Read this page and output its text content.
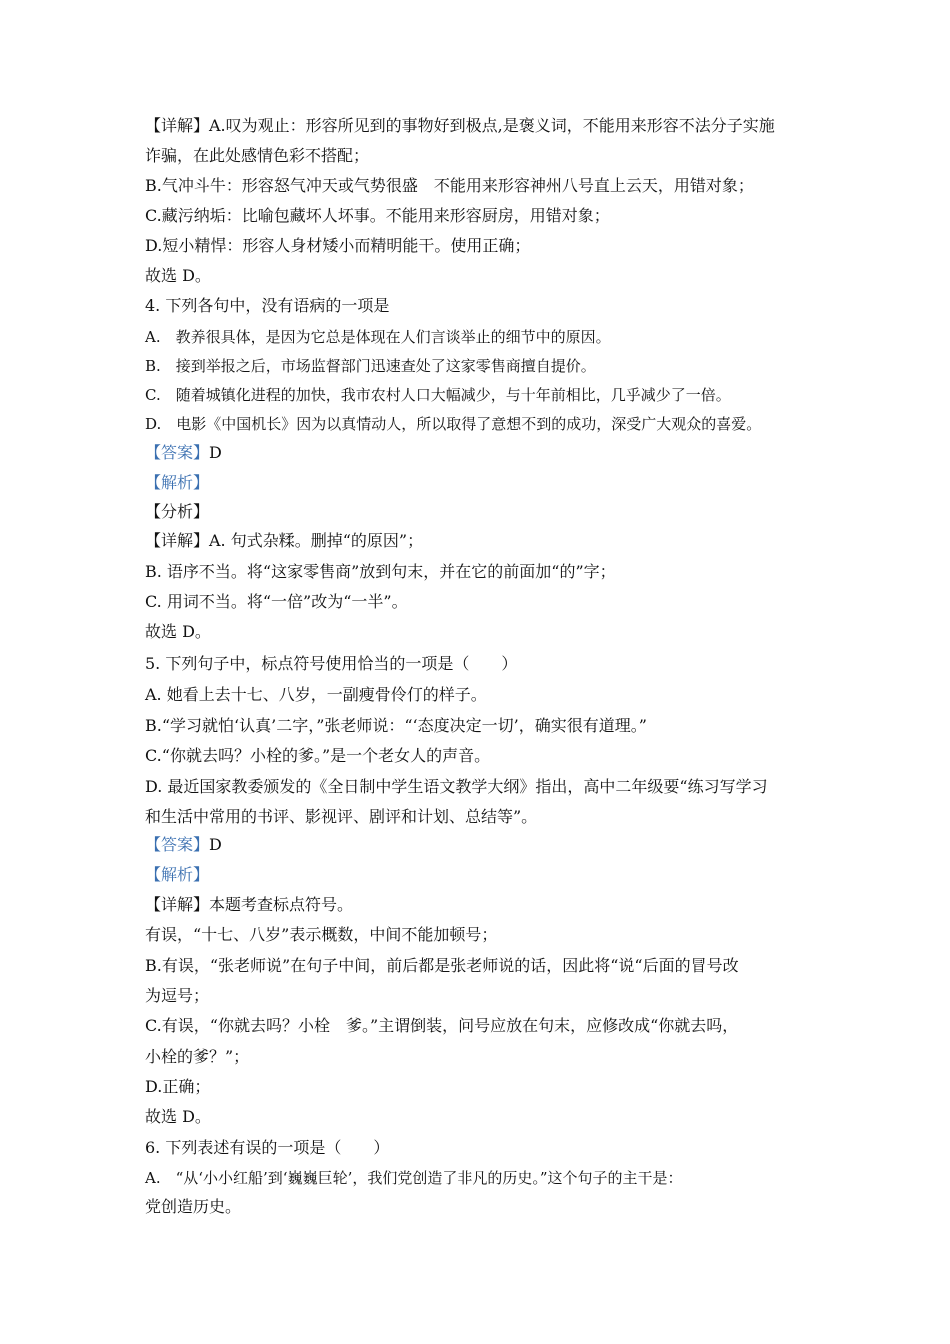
【详解】A.叹为观止：形容所见到的事物好到极点,是褒义词，不能用来形容不法分子实施
诈骗，在此处感情色彩不搭配；
B.气冲斗牛：形容怒气冲天或气势很盛　不能用来形容神州八号直上云天，用错对象；
C.藏污纳垢：比喻包藏坏人坏事。不能用来形容厨房，用错对象；
D.短小精悍：形容人身材矮小而精明能干。使用正确；
故选 D。
4. 下列各句中，没有语病的一项是
A.　教养很具体，是因为它总是体现在人们言谈举止的细节中的原因。
B.　接到举报之后，市场监督部门迅速查处了这家零售商擅自提价。
C.　随着城镇化进程的加快，我市农村人口大幅减少，与十年前相比，几乎减少了一倍。
D.　电影《中国机长》因为以真情动人，所以取得了意想不到的成功，深受广大观众的喜爱。
【答案】D
【解析】
【分析】
【详解】A. 句式杂糅。删掉“的原因”；
B. 语序不当。将“这家零售商”放到句末，并在它的前面加“的”字；
C. 用词不当。将“一倍”改为“一半”。
故选 D。
5. 下列句子中，标点符号使用恰当的一项是（　　）
A. 她看上去十七、八岁，一副瘦骨伶仃的样子。
B.“学习就怕‘认真’二字，”张老师说：“‘态度决定一切’，确实很有道理。”
C.“你就去吗？小栓的爹。”是一个老女人的声音。
D. 最近国家教委颁发的《全日制中学生语文教学大纲》指出，高中二年级要“练习写学习
和生活中常用的书评、影视评、剧评和计划、总结等”。
【答案】D
【解析】
【详解】本题考查标点符号。
有误，“十七、八岁”表示概数，中间不能加顿号；
B.有误，“张老师说”在句子中间，前后都是张老师说的话，因此将“说“后面的冒号改
为逗号；
C.有误，“你就去吗？小栓　爹。”主谓倒装，问号应放在句末，应修改成“你就去吗，
小栓的爹？”；
D.正确；
故选 D。
6. 下列表述有误的一项是（　　）
A.　“从‘小小红船’到‘巍巍巨轮’，我们党创造了非凡的历史。”这个句子的主干是：
党创造历史。
